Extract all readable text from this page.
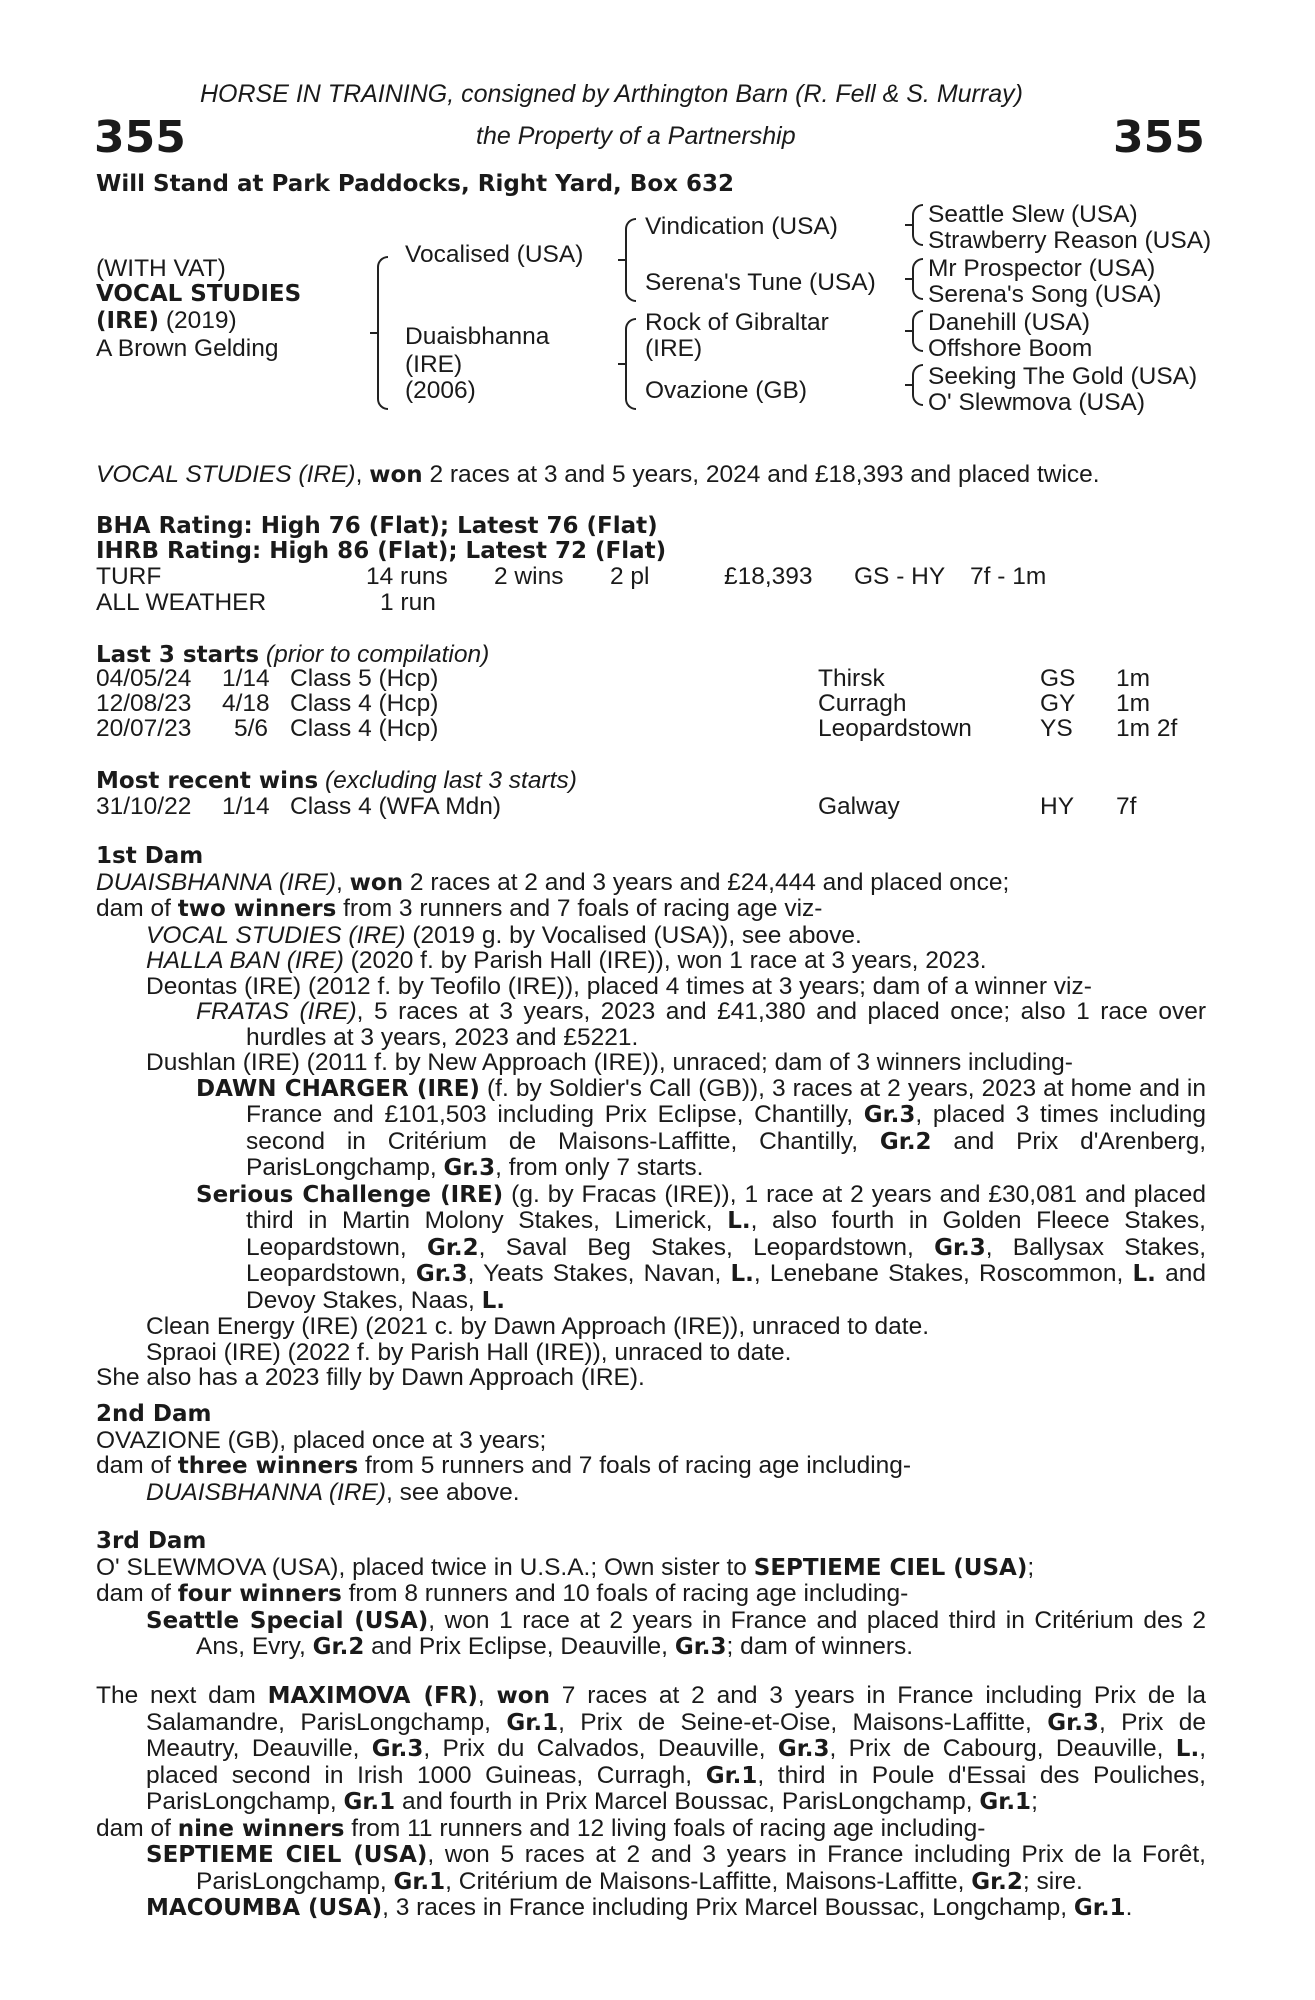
HORSE IN TRAINING, consigned by Arthington Barn (R. Fell & S. Murray)
355	the Property of a Partnership	355
Will Stand at Park Paddocks, Right Yard, Box 632
(WITH VAT)
VOCAL STUDIES
(IRE) (2019)
A Brown Gelding
Vocalised (USA)
Duaisbhanna
(IRE)
(2006)
Vindication (USA)
Serena's Tune (USA)
Rock of Gibraltar
(IRE)
Ovazione (GB)
Seattle Slew (USA)
Strawberry Reason (USA)
Mr Prospector (USA)
Serena's Song (USA)
Danehill (USA)
Offshore Boom
Seeking The Gold (USA)
O' Slewmova (USA)
VOCAL STUDIES (IRE), won 2 races at 3 and 5 years, 2024 and £18,393 and placed twice.
BHA Rating: High 76 (Flat); Latest 76 (Flat)
IHRB Rating: High 86 (Flat); Latest 72 (Flat)
TURF	14 runs 2 wins 2 pl	£18,393 GS - HY 7f - 1m
ALL WEATHER	1 run
Last 3 starts (prior to compilation)
04/05/24 1/14 Class 5 (Hcp)	Thirsk	GS 1m
12/08/23 4/18 Class 4 (Hcp)	Curragh	GY 1m
20/07/23 5/6 Class 4 (Hcp)	Leopardstown	YS 1m 2f
Most recent wins (excluding last 3 starts)
31/10/22 1/14 Class 4 (WFA Mdn)	Galway	HY 7f

1st Dam

DUAISBHANNA (IRE), won 2 races at 2 and 3 years and £24,444 and placed once;

dam of two winners from 3 runners and 7 foals of racing age viz-

VOCAL STUDIES (IRE) (2019 g. by Vocalised (USA)), see above.

HALLA BAN (IRE) (2020 f. by Parish Hall (IRE)), won 1 race at 3 years, 2023.

Deontas (IRE) (2012 f. by Teofilo (IRE)), placed 4 times at 3 years; dam of a winner viz-

FRATAS (IRE), 5 races at 3 years, 2023 and £41,380 and placed once; also 1 race over hurdles at 3 years, 2023 and £5221.

Dushlan (IRE) (2011 f. by New Approach (IRE)), unraced; dam of 3 winners including-

DAWN CHARGER (IRE) (f. by Soldier's Call (GB)), 3 races at 2 years, 2023 at home and in France and £101,503 including Prix Eclipse, Chantilly, Gr.3, placed 3 times including second in Critérium de Maisons-Laffitte, Chantilly, Gr.2 and Prix d'Arenberg, ParisLongchamp, Gr.3, from only 7 starts.

Serious Challenge (IRE) (g. by Fracas (IRE)), 1 race at 2 years and £30,081 and placed third in Martin Molony Stakes, Limerick, L., also fourth in Golden Fleece Stakes, Leopardstown, Gr.2, Saval Beg Stakes, Leopardstown, Gr.3, Ballysax Stakes, Leopardstown, Gr.3, Yeats Stakes, Navan, L., Lenebane Stakes, Roscommon, L. and Devoy Stakes, Naas, L.

Clean Energy (IRE) (2021 c. by Dawn Approach (IRE)), unraced to date.

Spraoi (IRE) (2022 f. by Parish Hall (IRE)), unraced to date.

She also has a 2023 filly by Dawn Approach (IRE).

2nd Dam

OVAZIONE (GB), placed once at 3 years;

dam of three winners from 5 runners and 7 foals of racing age including-

DUAISBHANNA (IRE), see above.

3rd Dam

O' SLEWMOVA (USA), placed twice in U.S.A.; Own sister to SEPTIEME CIEL (USA);

dam of four winners from 8 runners and 10 foals of racing age including-

Seattle Special (USA), won 1 race at 2 years in France and placed third in Critérium des 2 Ans, Evry, Gr.2 and Prix Eclipse, Deauville, Gr.3; dam of winners.

The next dam MAXIMOVA (FR), won 7 races at 2 and 3 years in France including Prix de la Salamandre, ParisLongchamp, Gr.1, Prix de Seine-et-Oise, Maisons-Laffitte, Gr.3, Prix de Meautry, Deauville, Gr.3, Prix du Calvados, Deauville, Gr.3, Prix de Cabourg, Deauville, L., placed second in Irish 1000 Guineas, Curragh, Gr.1, third in Poule d'Essai des Pouliches, ParisLongchamp, Gr.1 and fourth in Prix Marcel Boussac, ParisLongchamp, Gr.1;

dam of nine winners from 11 runners and 12 living foals of racing age including-

SEPTIEME CIEL (USA), won 5 races at 2 and 3 years in France including Prix de la Forêt, ParisLongchamp, Gr.1, Critérium de Maisons-Laffitte, Maisons-Laffitte, Gr.2; sire.

MACOUMBA (USA), 3 races in France including Prix Marcel Boussac, Longchamp, Gr.1.
